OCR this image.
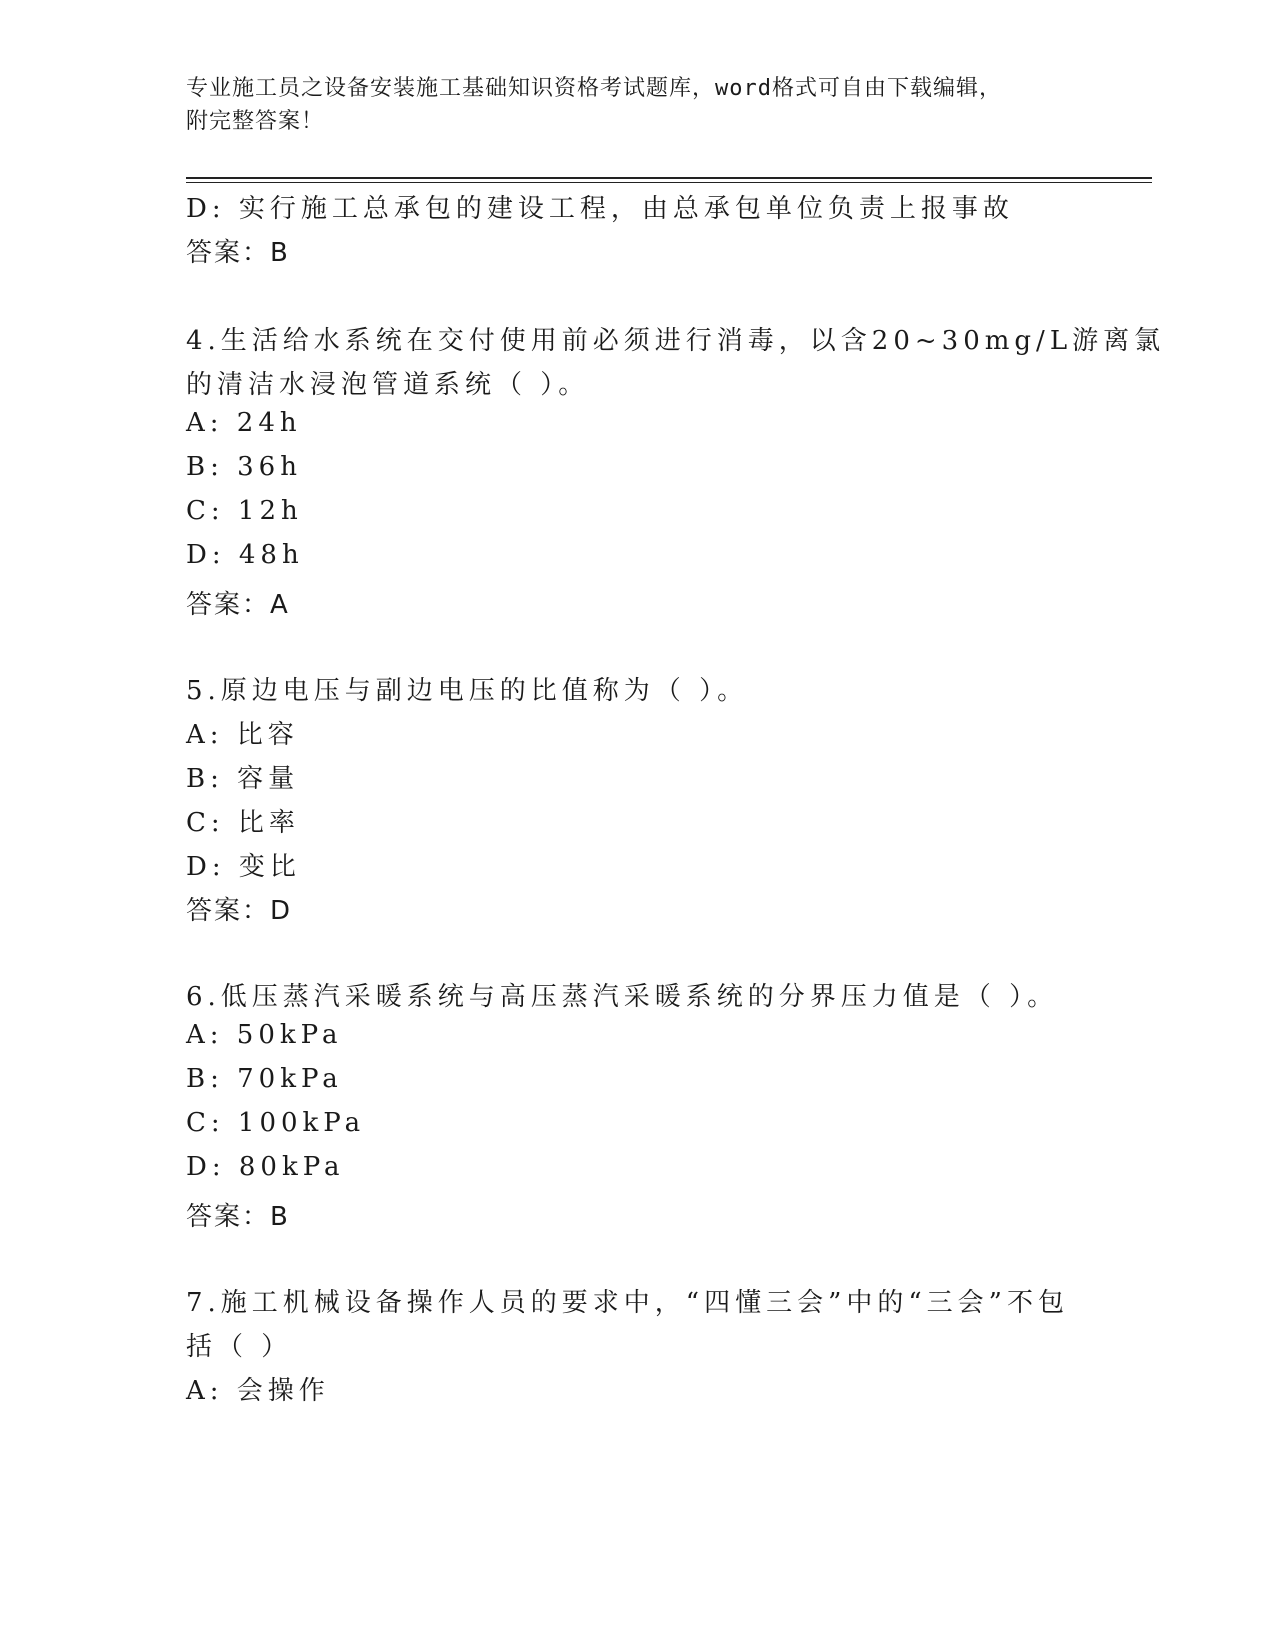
专业施工员之设备安装施工基础知识资格考试题库，word格式可自由下载编辑，
附完整答案！
D: 实行施工总承包的建设工程，由总承包单位负责上报事故
答案：B
4.生活给水系统在交付使用前必须进行消毒，以含20~30mg/L游离氯
的清洁水浸泡管道系统（ ）。
A: 24h
B: 36h
C: 12h
D: 48h
答案：A
5.原边电压与副边电压的比值称为（ ）。
A: 比容
B: 容量
C: 比率
D: 变比
答案：D
6.低压蒸汽采暖系统与高压蒸汽采暖系统的分界压力值是（ ）。
A: 50kPa
B: 70kPa
C: 100kPa
D: 80kPa
答案：B
7.施工机械设备操作人员的要求中，“四懂三会”中的“三会”不包
括（ ）
A: 会操作
